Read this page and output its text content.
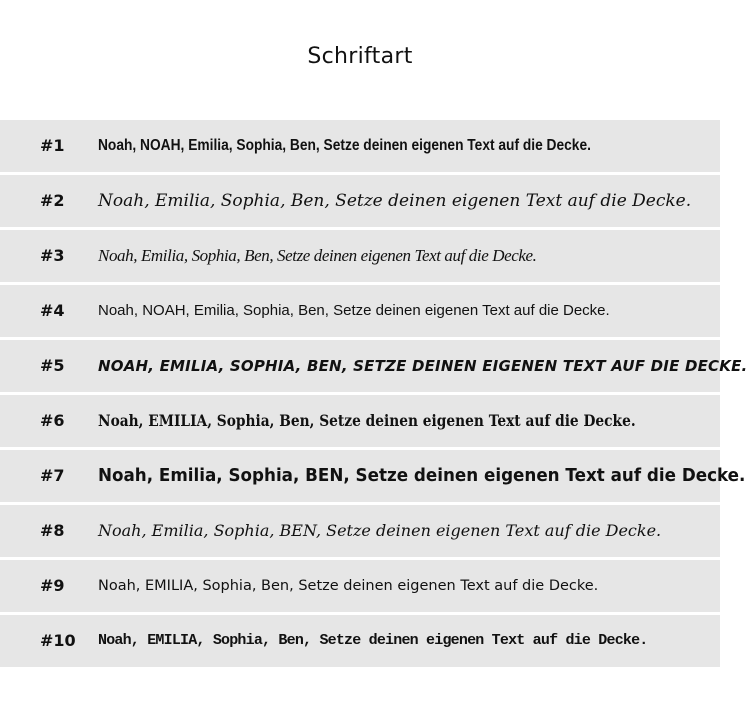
Schriftart
#1 Noah, NOAH, Emilia, Sophia, Ben, Setze deinen eigenen Text auf die Decke.
#2 Noah, Emilia, Sophia, Ben, Setze deinen eigenen Text auf die Decke.
#3 Noah, Emilia, Sophia, Ben, Setze deinen eigenen Text auf die Decke.
#4 Noah, NOAH, Emilia, Sophia, Ben, Setze deinen eigenen Text auf die Decke.
#5 NOAH, EMILIA, SOPHIA, BEN, SETZE DEINEN EIGENEN TEXT AUF DIE DECKE.
#6 Noah, EMILIA, Sophia, Ben, Setze deinen eigenen Text auf die Decke.
#7 Noah, Emilia, Sophia, BEN, Setze deinen eigenen Text auf die Decke.
#8 Noah, Emilia, Sophia, BEN, Setze deinen eigenen Text auf die Decke.
#9 Noah, EMILIA, Sophia, Ben, Setze deinen eigenen Text auf die Decke.
#10 Noah, EMILIA, Sophia, Ben, Setze deinen eigenen Text auf die Decke.
